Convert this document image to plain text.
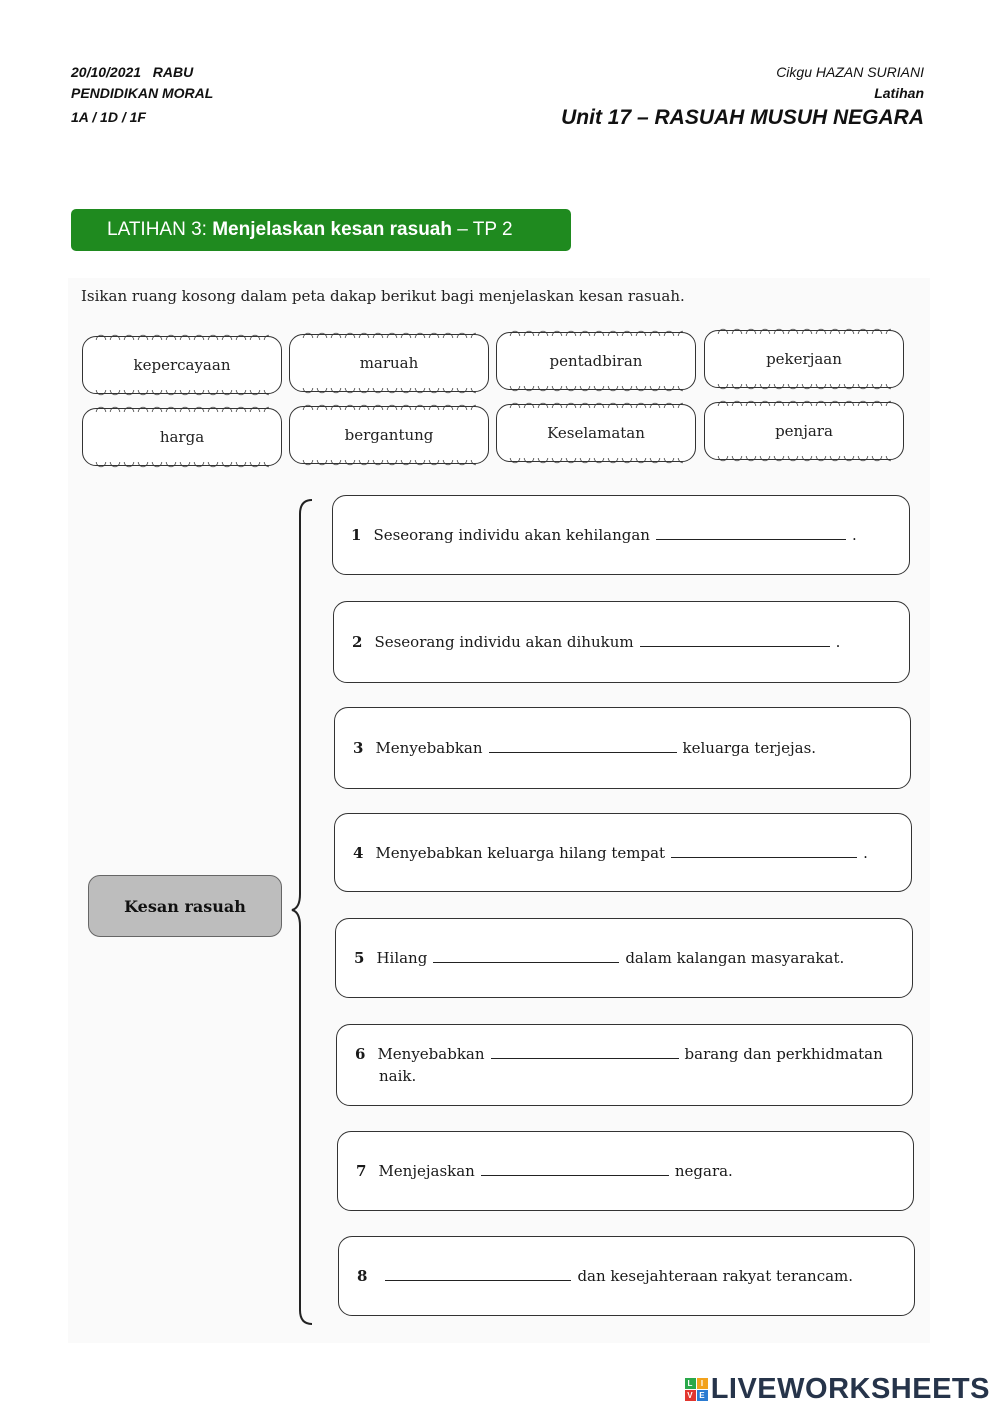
20/10/2021   RABU
PENDIDIKAN MORAL
1A / 1D / 1F
Cikgu HAZAN SURIANI
Latihan
Unit 17 – RASUAH MUSUH NEGARA
LATIHAN 3: Menjelaskan kesan rasuah – TP 2
Isikan ruang kosong dalam peta dakap berikut bagi menjelaskan kesan rasuah.
kepercayaan	maruah	pentadbiran	pekerjaan
harga	bergantung	Keselamatan	penjara
Kesan rasuah
1 Seseorang individu akan kehilangan	.
2 Seseorang individu akan dihukum	.
3 Menyebabkan	keluarga terjejas.
4 Menyebabkan keluarga hilang tempat	.
5 Hilang	dalam kalangan masyarakat.
6 Menyebabkan	barang dan perkhidmatan
naik.
7 Menjejaskan	negara.
8	dan kesejahteraan rakyat terancam.
L I
V E LIVEWORKSHEETS
